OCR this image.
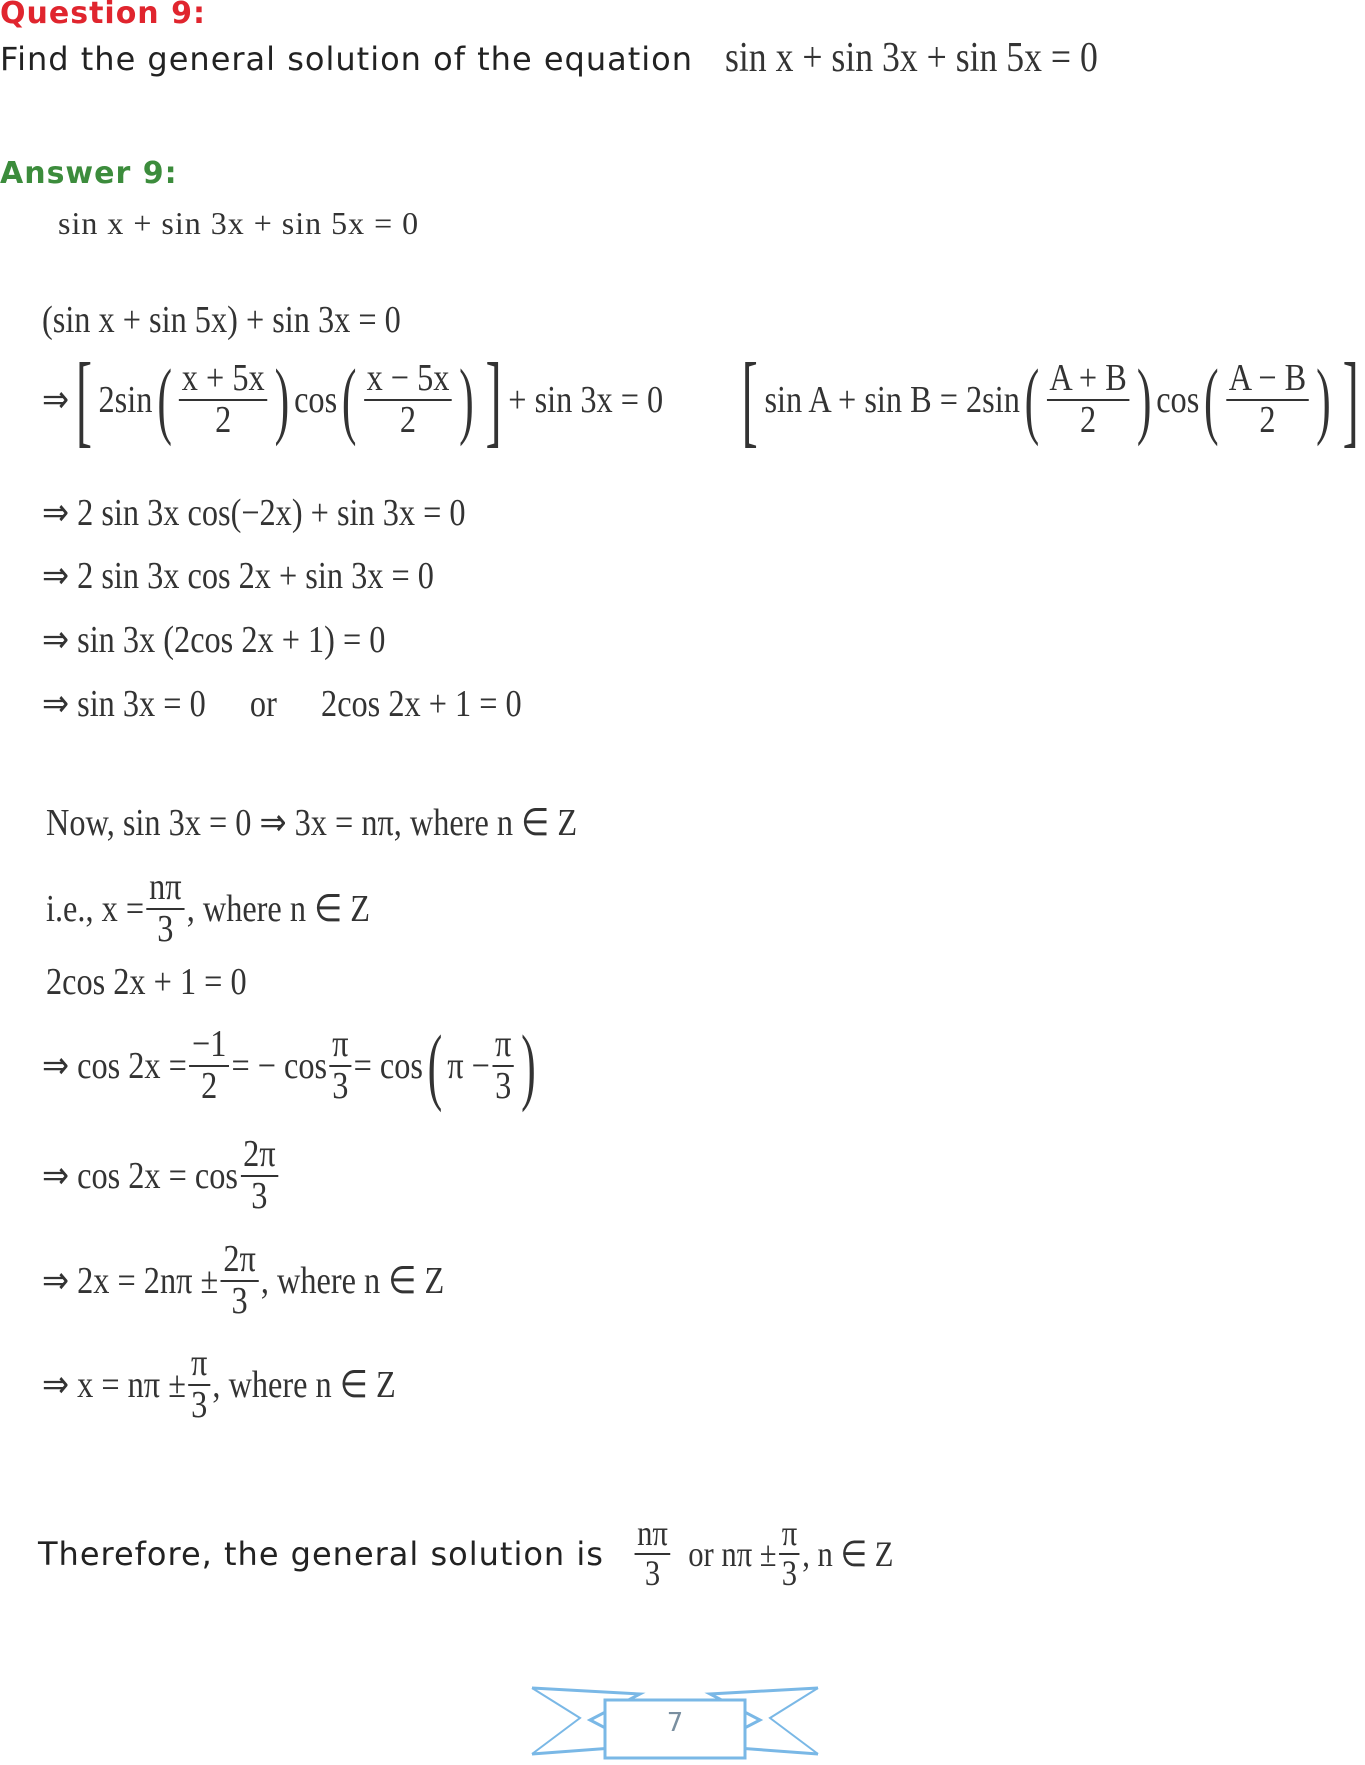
Question 9:
Find the general solution of the equation sin x + sin 3x + sin 5x = 0
Answer 9:
sin x + sin 3x + sin 5x = 0
(sin x + sin 5x) + sin 3x = 0
⇒ [ 2sin ( $\frac{x + 5x}{2}$ ) cos ( $\frac{x - 5x}{2}$ ) ] + sin 3x = 0 [ sin A + sin B = 2sin ( $\frac{A + B}{2}$ ) cos ( $\frac{A - B}{2}$ ) ]
⇒ 2 sin 3x cos(−2x) + sin 3x = 0
⇒ 2 sin 3x cos 2x + sin 3x = 0
⇒ sin 3x (2cos 2x + 1) = 0
⇒ sin 3x = 0 or 2cos 2x + 1 = 0
Now, sin 3x = 0 ⇒ 3x = nπ, where n ∈ Z
i.e., $x = \frac{n\pi}{3}$ , where n ∈ Z
2cos 2x + 1 = 0
⇒ $\cos 2x = \frac{-1}{2}$ = − $\cos \frac{\pi}{3} = \cos$ ( $\pi - \frac{\pi}{3}$ )
⇒ $\cos 2x = \cos \frac{2\pi}{3}$
⇒ $2x = 2n\pi \pm \frac{2\pi}{3}$ , where n ∈ Z
⇒ $x = n\pi \pm \frac{\pi}{3}$ , where n ∈ Z
Therefore, the general solution is $\frac{n\pi}{3}$ or $n\pi \pm \frac{\pi}{3}$ , n ∈ Z
7
